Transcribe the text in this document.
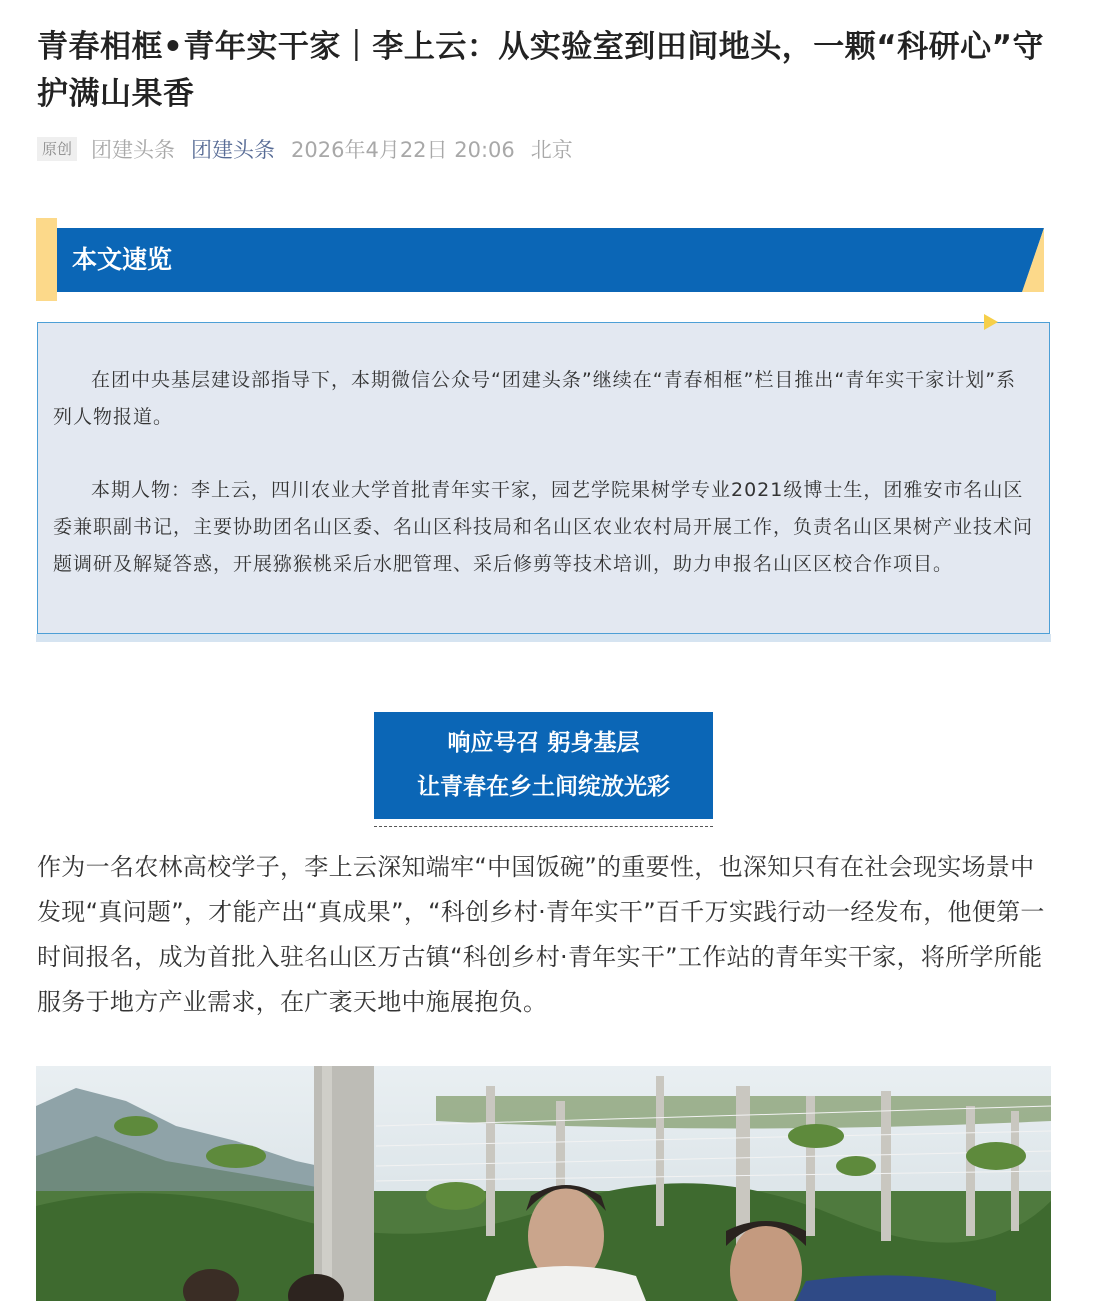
青春相框•青年实干家｜李上云：从实验室到田间地头，一颗“科研心”守护满山果香
原创 团建头条 团建头条 2026年4月22日 20:06 北京
本文速览

在团中央基层建设部指导下，本期微信公众号“团建头条”继续在“青春相框”栏目推出“青年实干家计划”系列人物报道。

本期人物：李上云，四川农业大学首批青年实干家，园艺学院果树学专业2021级博士生，团雅安市名山区委兼职副书记，主要协助团名山区委、名山区科技局和名山区农业农村局开展工作，负责名山区果树产业技术问题调研及解疑答惑，开展猕猴桃采后水肥管理、采后修剪等技术培训，助力申报名山区区校合作项目。

响应号召 躬身基层
让青春在乡土间绽放光彩

作为一名农林高校学子，李上云深知端牢“中国饭碗”的重要性，也深知只有在社会现实场景中发现“真问题”，才能产出“真成果”，“科创乡村·青年实干”百千万实践行动一经发布，他便第一时间报名，成为首批入驻名山区万古镇“科创乡村·青年实干”工作站的青年实干家，将所学所能服务于地方产业需求，在广袤天地中施展抱负。
